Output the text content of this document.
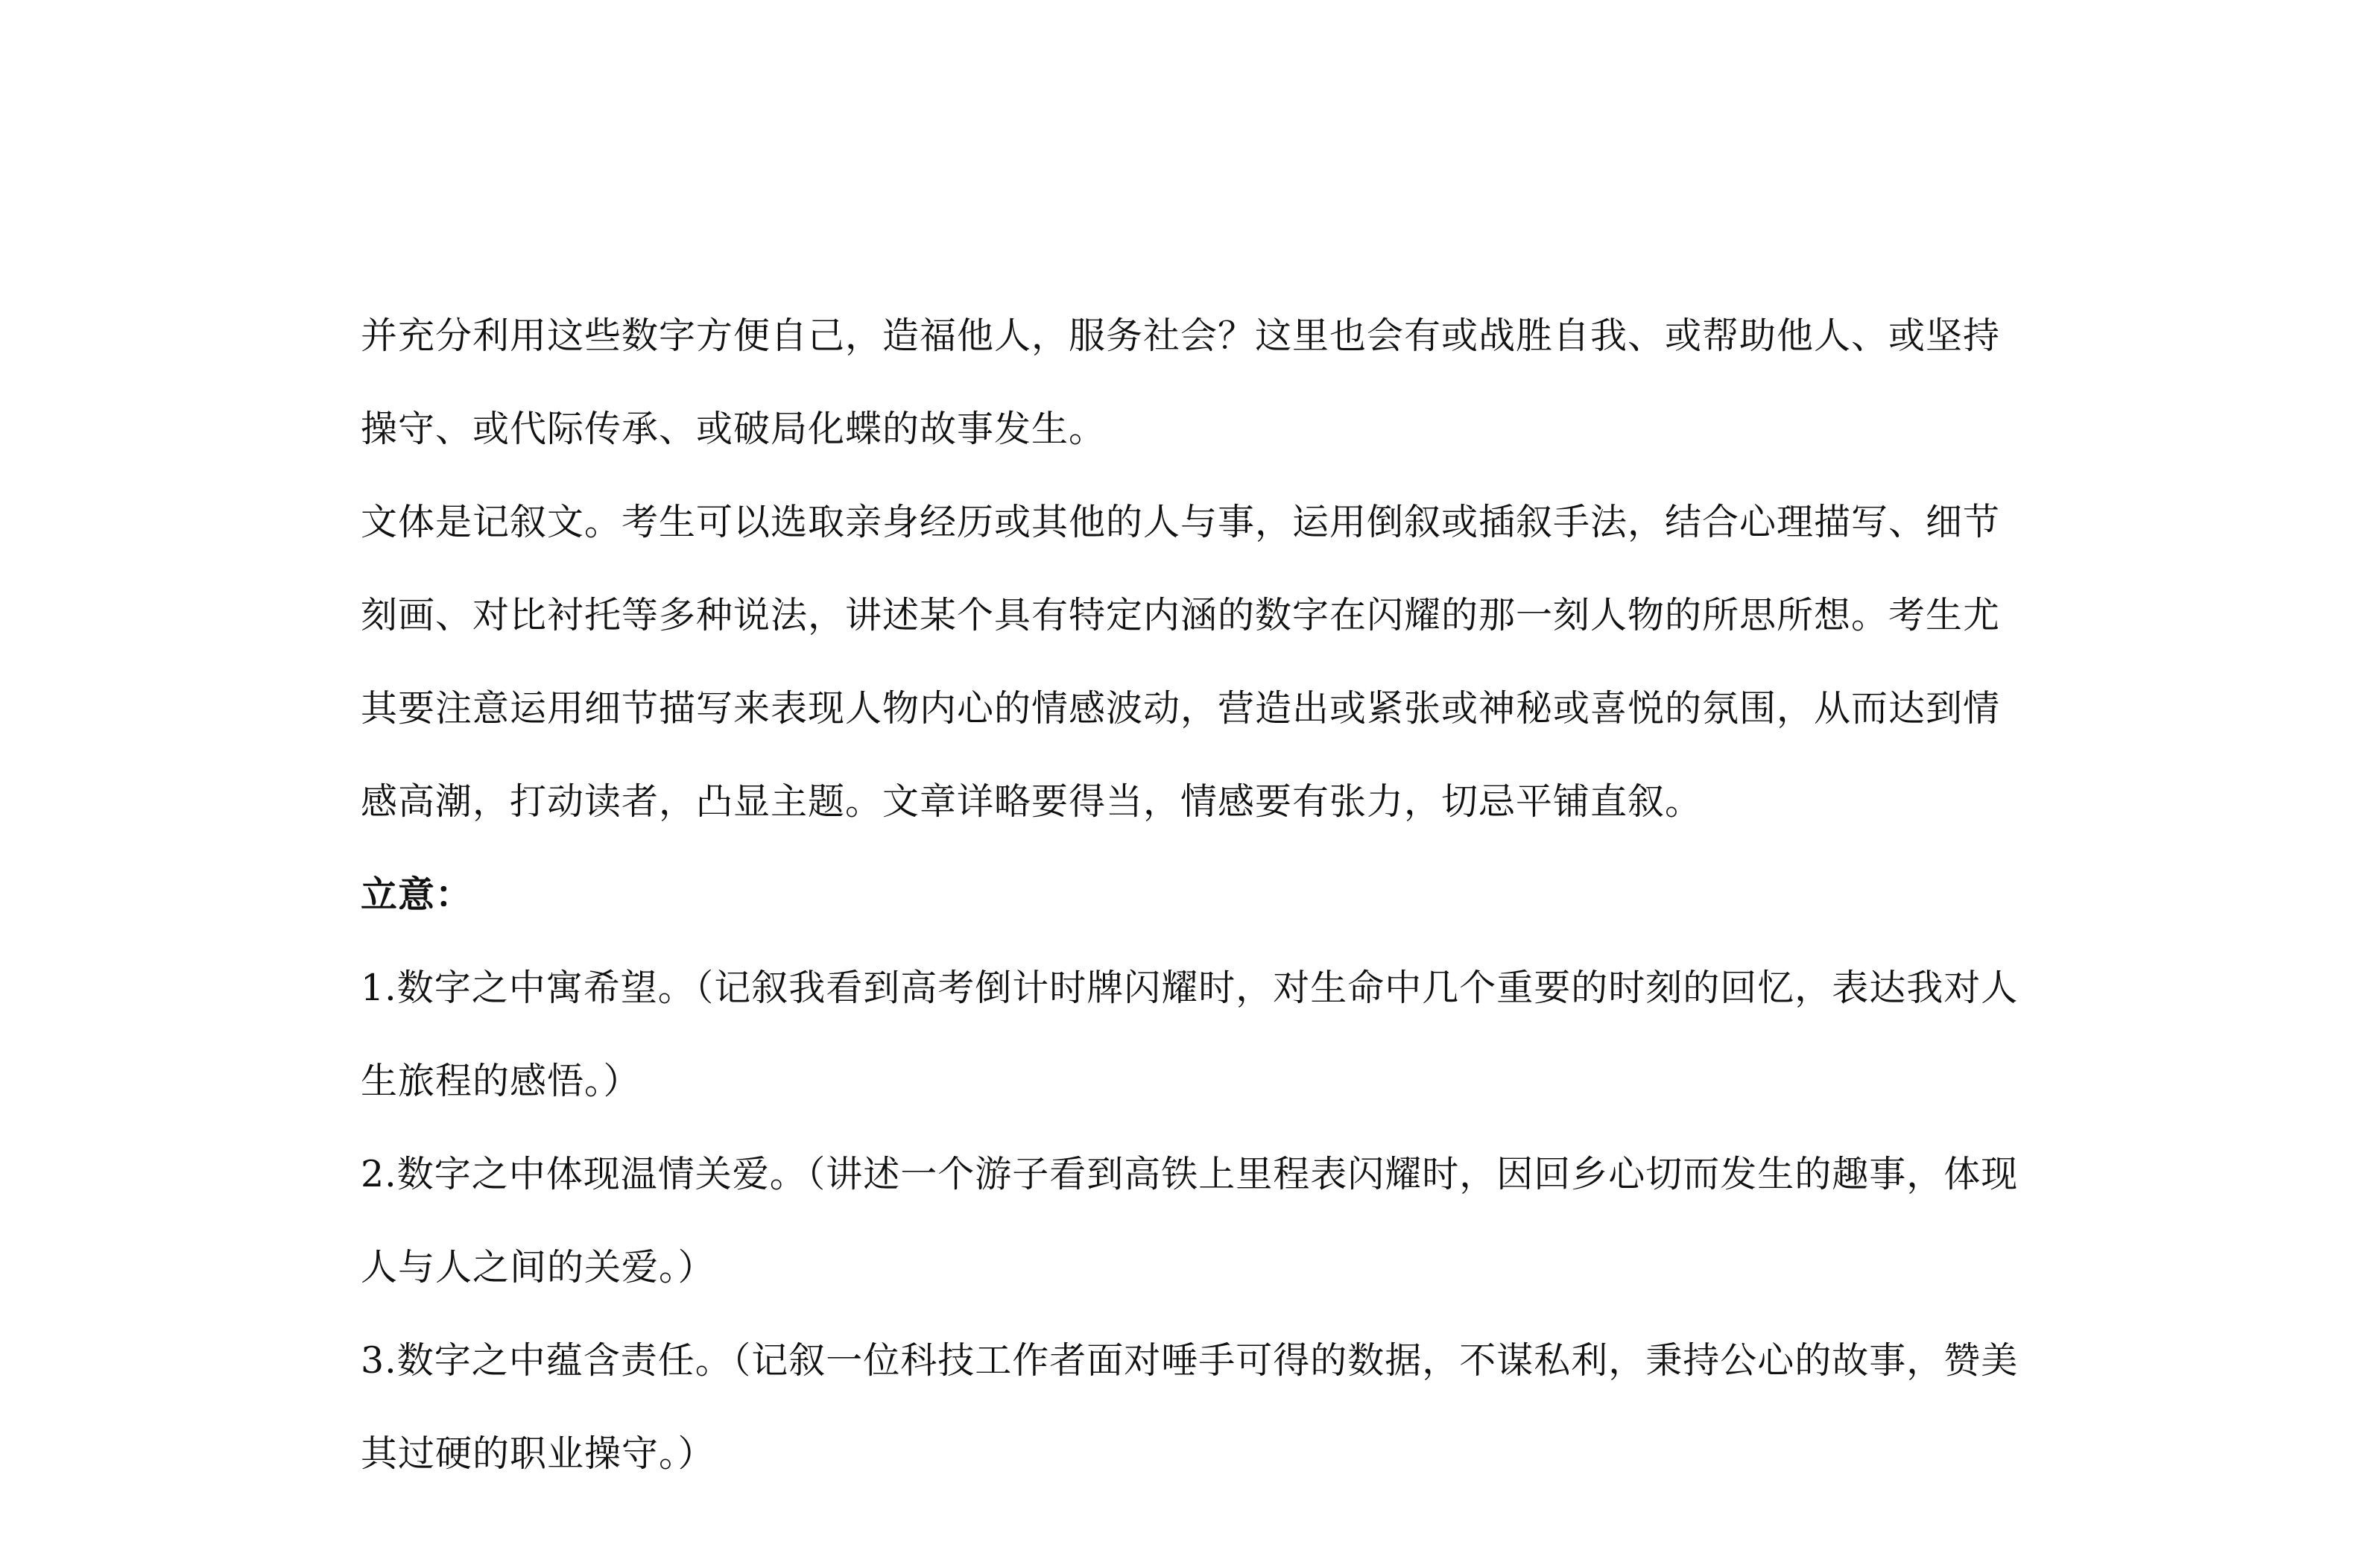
并充分利用这些数字方便自己，造福他人，服务社会？这里也会有或战胜自我、或帮助他人、或坚持操守、或代际传承、或破局化蝶的故事发生。

文体是记叙文。考生可以选取亲身经历或其他的人与事，运用倒叙或插叙手法，结合心理描写、细节刻画、对比衬托等多种说法，讲述某个具有特定内涵的数字在闪耀的那一刻人物的所思所想。考生尤其要注意运用细节描写来表现人物内心的情感波动，营造出或紧张或神秘或喜悦的氛围，从而达到情感高潮，打动读者，凸显主题。文章详略要得当，情感要有张力，切忌平铺直叙。

立意：

1.数字之中寓希望。（记叙我看到高考倒计时牌闪耀时，对生命中几个重要的时刻的回忆，表达我对人生旅程的感悟。）

2.数字之中体现温情关爱。（讲述一个游子看到高铁上里程表闪耀时，因回乡心切而发生的趣事，体现人与人之间的关爱。）

3.数字之中蕴含责任。（记叙一位科技工作者面对唾手可得的数据，不谋私利，秉持公心的故事，赞美其过硬的职业操守。）
